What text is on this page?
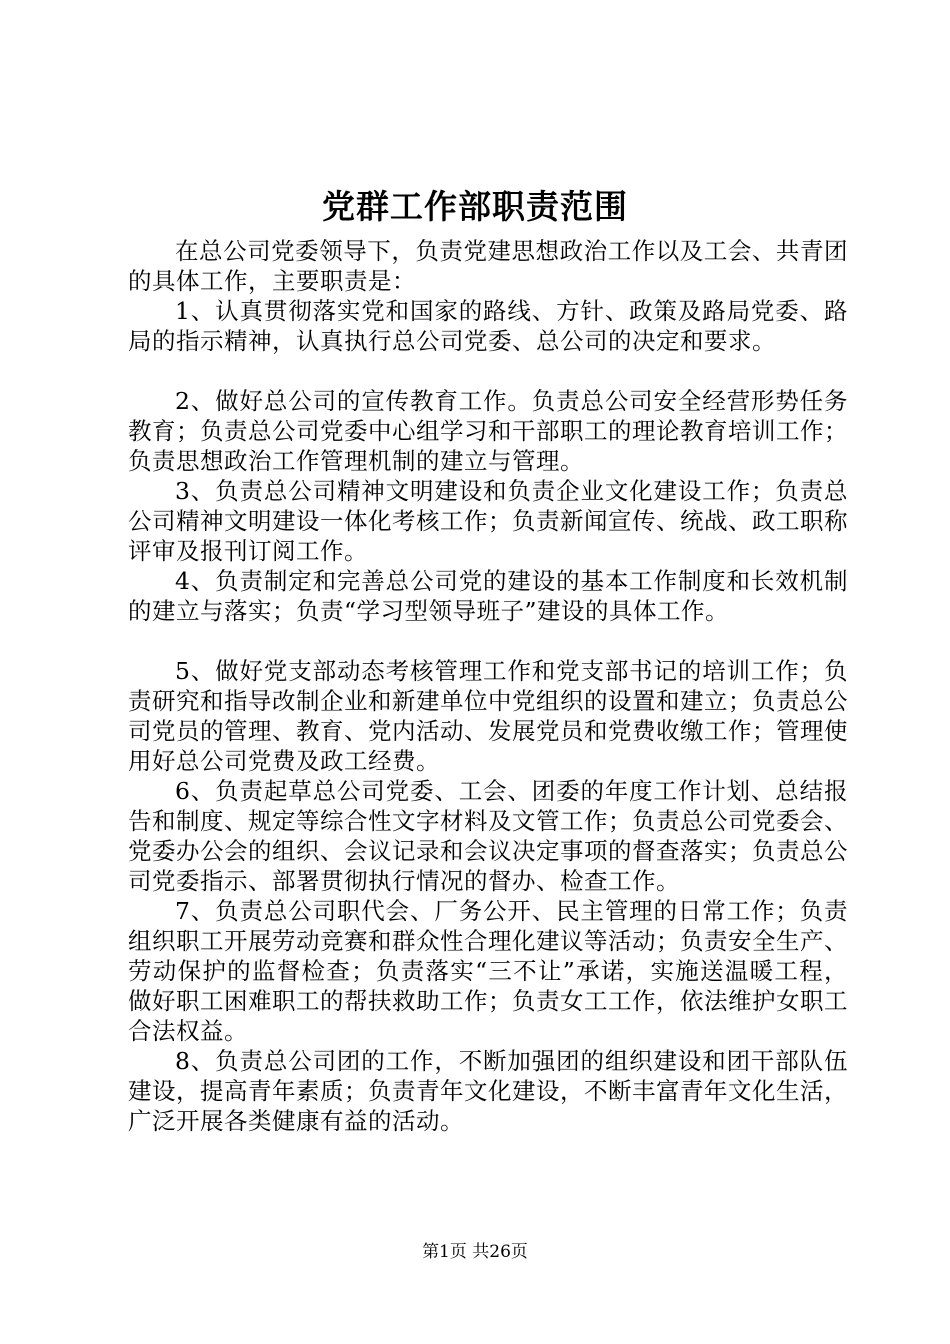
党群工作部职责范围

在总公司党委领导下，负责党建思想政治工作以及工会、共青团的具体工作，主要职责是：

1、认真贯彻落实党和国家的路线、方针、政策及路局党委、路局的指示精神，认真执行总公司党委、总公司的决定和要求。

2、做好总公司的宣传教育工作。负责总公司安全经营形势任务教育；负责总公司党委中心组学习和干部职工的理论教育培训工作；负责思想政治工作管理机制的建立与管理。

3、负责总公司精神文明建设和负责企业文化建设工作；负责总公司精神文明建设一体化考核工作；负责新闻宣传、统战、政工职称评审及报刊订阅工作。

4、负责制定和完善总公司党的建设的基本工作制度和长效机制的建立与落实；负责“学习型领导班子”建设的具体工作。

5、做好党支部动态考核管理工作和党支部书记的培训工作；负责研究和指导改制企业和新建单位中党组织的设置和建立；负责总公司党员的管理、教育、党内活动、发展党员和党费收缴工作；管理使用好总公司党费及政工经费。

6、负责起草总公司党委、工会、团委的年度工作计划、总结报告和制度、规定等综合性文字材料及文管工作；负责总公司党委会、党委办公会的组织、会议记录和会议决定事项的督查落实；负责总公司党委指示、部署贯彻执行情况的督办、检查工作。

7、负责总公司职代会、厂务公开、民主管理的日常工作；负责组织职工开展劳动竞赛和群众性合理化建议等活动；负责安全生产、劳动保护的监督检查；负责落实“三不让”承诺，实施送温暖工程，做好职工困难职工的帮扶救助工作；负责女工工作，依法维护女职工合法权益。

8、负责总公司团的工作，不断加强团的组织建设和团干部队伍建设，提高青年素质；负责青年文化建设，不断丰富青年文化生活，广泛开展各类健康有益的活动。

第1页 共26页
